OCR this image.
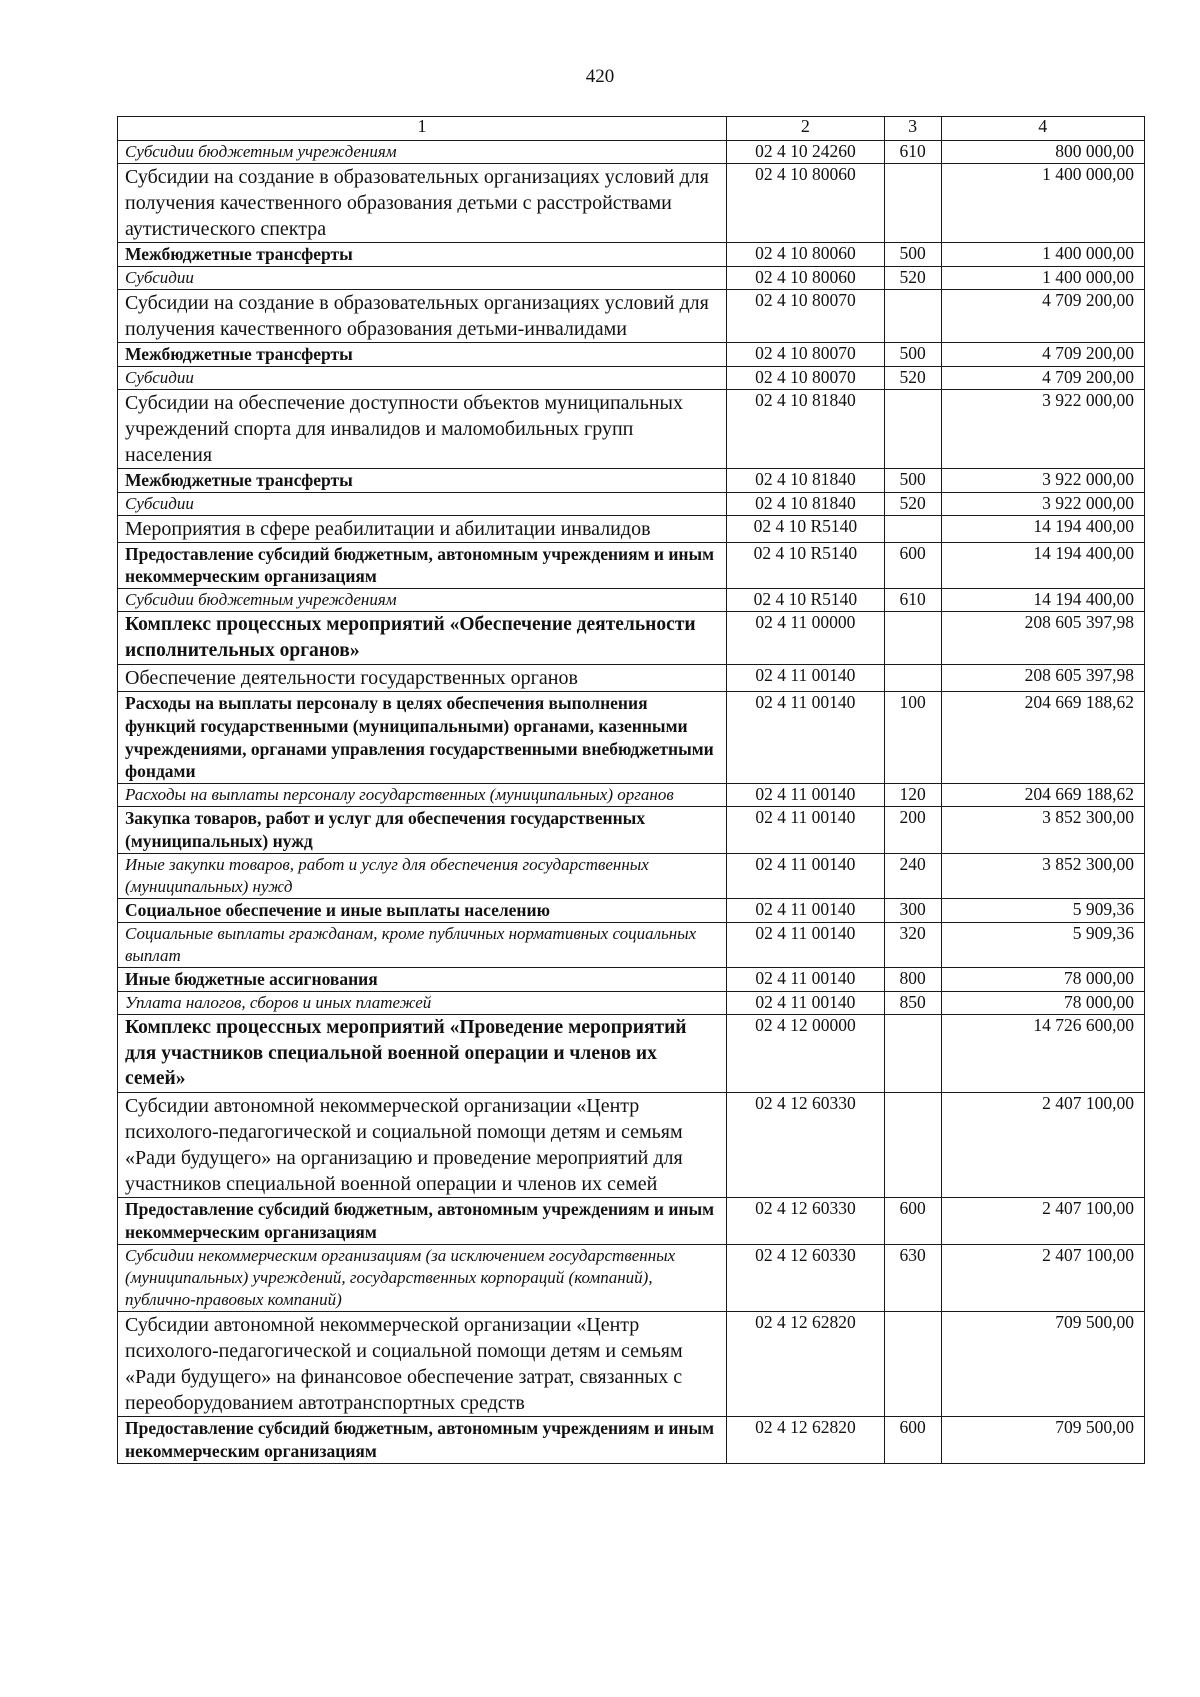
420
1	2	3	4
Субсидии бюджетным учреждениям	02 4 10 24260	610	800 000,00
Субсидии на создание в образовательных организациях условий для получения качественного образования детьми с расстройствами аутистического спектра	02 4 10 80060		1 400 000,00
Межбюджетные трансферты	02 4 10 80060	500	1 400 000,00
Субсидии	02 4 10 80060	520	1 400 000,00
Субсидии на создание в образовательных организациях условий для получения качественного образования детьми-инвалидами	02 4 10 80070		4 709 200,00
Межбюджетные трансферты	02 4 10 80070	500	4 709 200,00
Субсидии	02 4 10 80070	520	4 709 200,00
Субсидии на обеспечение доступности объектов муниципальных учреждений спорта для инвалидов и маломобильных групп населения	02 4 10 81840		3 922 000,00
Межбюджетные трансферты	02 4 10 81840	500	3 922 000,00
Субсидии	02 4 10 81840	520	3 922 000,00
Мероприятия в сфере реабилитации и абилитации инвалидов	02 4 10 R5140		14 194 400,00
Предоставление субсидий бюджетным, автономным учреждениям и иным некоммерческим организациям	02 4 10 R5140	600	14 194 400,00
Субсидии бюджетным учреждениям	02 4 10 R5140	610	14 194 400,00
Комплекс процессных мероприятий «Обеспечение деятельности исполнительных органов»	02 4 11 00000		208 605 397,98
Обеспечение деятельности государственных органов	02 4 11 00140		208 605 397,98
Расходы на выплаты персоналу в целях обеспечения выполнения функций государственными (муниципальными) органами, казенными учреждениями, органами управления государственными внебюджетными фондами	02 4 11 00140	100	204 669 188,62
Расходы на выплаты персоналу государственных (муниципальных) органов	02 4 11 00140	120	204 669 188,62
Закупка товаров, работ и услуг для обеспечения государственных (муниципальных) нужд	02 4 11 00140	200	3 852 300,00
Иные закупки товаров, работ и услуг для обеспечения государственных (муниципальных) нужд	02 4 11 00140	240	3 852 300,00
Социальное обеспечение и иные выплаты населению	02 4 11 00140	300	5 909,36
Социальные выплаты гражданам, кроме публичных нормативных социальных выплат	02 4 11 00140	320	5 909,36
Иные бюджетные ассигнования	02 4 11 00140	800	78 000,00
Уплата налогов, сборов и иных платежей	02 4 11 00140	850	78 000,00
Комплекс процессных мероприятий «Проведение мероприятий для участников специальной военной операции и членов их семей»	02 4 12 00000		14 726 600,00
Субсидии автономной некоммерческой организации «Центр психолого-педагогической и социальной помощи детям и семьям «Ради будущего» на организацию и проведение мероприятий для участников специальной военной операции и членов их семей	02 4 12 60330		2 407 100,00
Предоставление субсидий бюджетным, автономным учреждениям и иным некоммерческим организациям	02 4 12 60330	600	2 407 100,00
Субсидии некоммерческим организациям (за исключением государственных (муниципальных) учреждений, государственных корпораций (компаний), публично-правовых компаний)	02 4 12 60330	630	2 407 100,00
Субсидии автономной некоммерческой организации «Центр психолого-педагогической и социальной помощи детям и семьям «Ради будущего» на финансовое обеспечение затрат, связанных с переоборудованием автотранспортных средств	02 4 12 62820		709 500,00
Предоставление субсидий бюджетным, автономным учреждениям и иным некоммерческим организациям	02 4 12 62820	600	709 500,00
